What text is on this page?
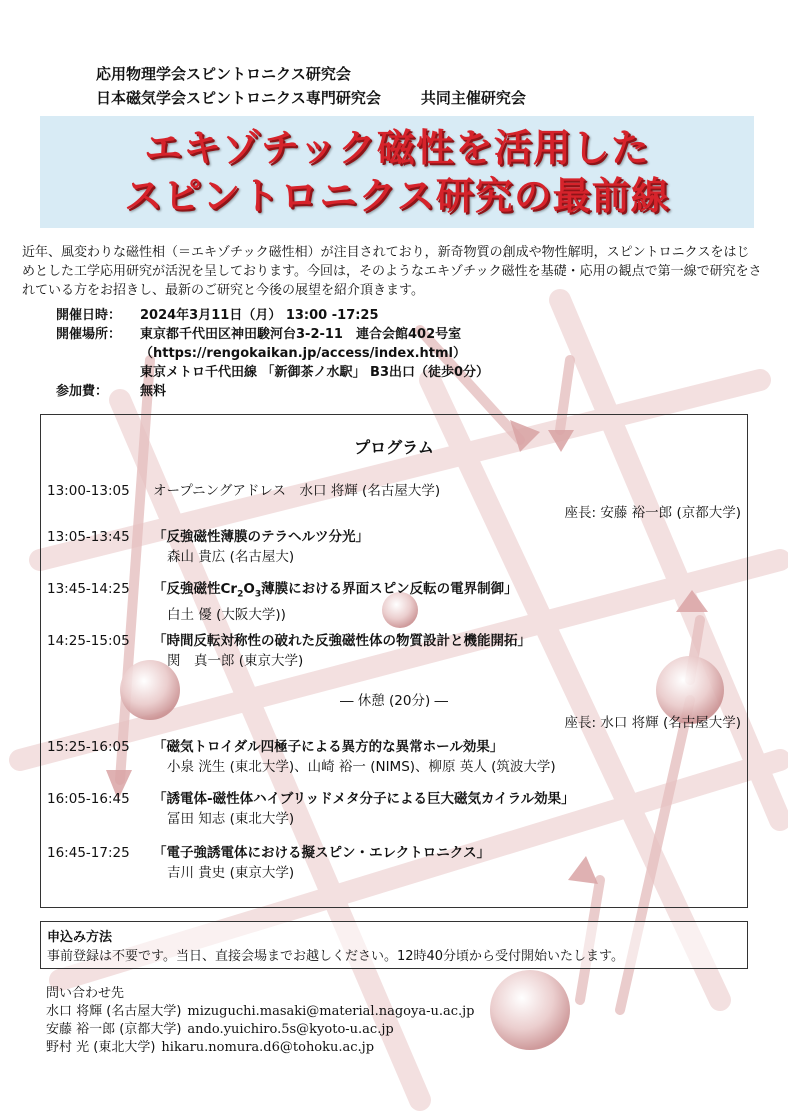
応用物理学会スピントロニクス研究会
日本磁気学会スピントロニクス専門研究会	共同主催研究会
エキゾチック磁性を活用した
スピントロニクス研究の最前線
近年、風変わりな磁性相（＝エキゾチック磁性相）が注目されており，新奇物質の創成や物性解明，スピントロニクスをはじめとした工学応用研究が活況を呈しております。今回は，そのようなエキゾチック磁性を基礎・応用の観点で第一線で研究をされている方をお招きし、最新のご研究と今後の展望を紹介頂きます。
開催日時：	2024年3月11日（月） 13:00 -17:25
開催場所：	東京都千代田区神田駿河台3-2-11　連合会館402号室
（https://rengokaikan.jp/access/index.html）
東京メトロ千代田線 「新御茶ノ水駅」 B3出口（徒歩0分）
参加費：	無料
プログラム
13:00-13:05	オープニングアドレス　水口 将輝 (名古屋大学)
座長: 安藤 裕一郎 (京都大学)
13:05-13:45	「反強磁性薄膜のテラヘルツ分光」
森山 貴広 (名古屋大)
13:45-14:25	「反強磁性$Cr_2O_3$薄膜における界面スピン反転の電界制御」
白土 優 (大阪大学))
14:25-15:05	「時間反転対称性の破れた反強磁性体の物質設計と機能開拓」
関　真一郎 (東京大学)
― 休憩 (20分) ―
座長: 水口 将輝 (名古屋大学)
15:25-16:05	「磁気トロイダル四極子による異方的な異常ホール効果」
小泉 洸生 (東北大学)、山崎 裕一 (NIMS)、柳原 英人 (筑波大学)
16:05-16:45	「誘電体-磁性体ハイブリッドメタ分子による巨大磁気カイラル効果」
冨田 知志 (東北大学)
16:45-17:25	「電子強誘電体における擬スピン・エレクトロニクス」
吉川 貴史 (東京大学)
申込み方法
事前登録は不要です。当日、直接会場までお越しください。12時40分頃から受付開始いたします。
問い合わせ先
水口 将輝 (名古屋大学) mizuguchi.masaki@material.nagoya-u.ac.jp
安藤 裕一郎 (京都大学) ando.yuichiro.5s@kyoto-u.ac.jp
野村 光 (東北大学) hikaru.nomura.d6@tohoku.ac.jp
